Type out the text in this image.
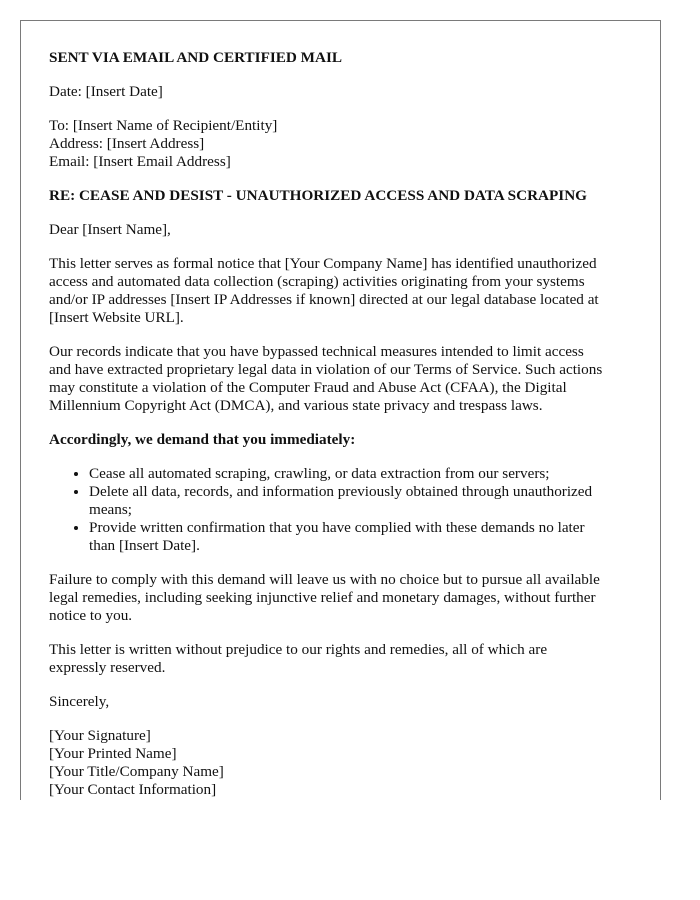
SENT VIA EMAIL AND CERTIFIED MAIL

Date: [Insert Date]

To: [Insert Name of Recipient/Entity]
Address: [Insert Address]
Email: [Insert Email Address]

RE: CEASE AND DESIST - UNAUTHORIZED ACCESS AND DATA SCRAPING

Dear [Insert Name],

This letter serves as formal notice that [Your Company Name] has identified unauthorized
access and automated data collection (scraping) activities originating from your systems
and/or IP addresses [Insert IP Addresses if known] directed at our legal database located at
[Insert Website URL].
Our records indicate that you have bypassed technical measures intended to limit access
and have extracted proprietary legal data in violation of our Terms of Service. Such actions
may constitute a violation of the Computer Fraud and Abuse Act (CFAA), the Digital
Millennium Copyright Act (DMCA), and various state privacy and trespass laws.

Accordingly, we demand that you immediately:

• Cease all automated scraping, crawling, or data extraction from our servers;
• Delete all data, records, and information previously obtained through unauthorized
means;
• Provide written confirmation that you have complied with these demands no later
than [Insert Date].
Failure to comply with this demand will leave us with no choice but to pursue all available
legal remedies, including seeking injunctive relief and monetary damages, without further
notice to you.
This letter is written without prejudice to our rights and remedies, all of which are
expressly reserved.

Sincerely,

[Your Signature]
[Your Printed Name]
[Your Title/Company Name]
[Your Contact Information]
